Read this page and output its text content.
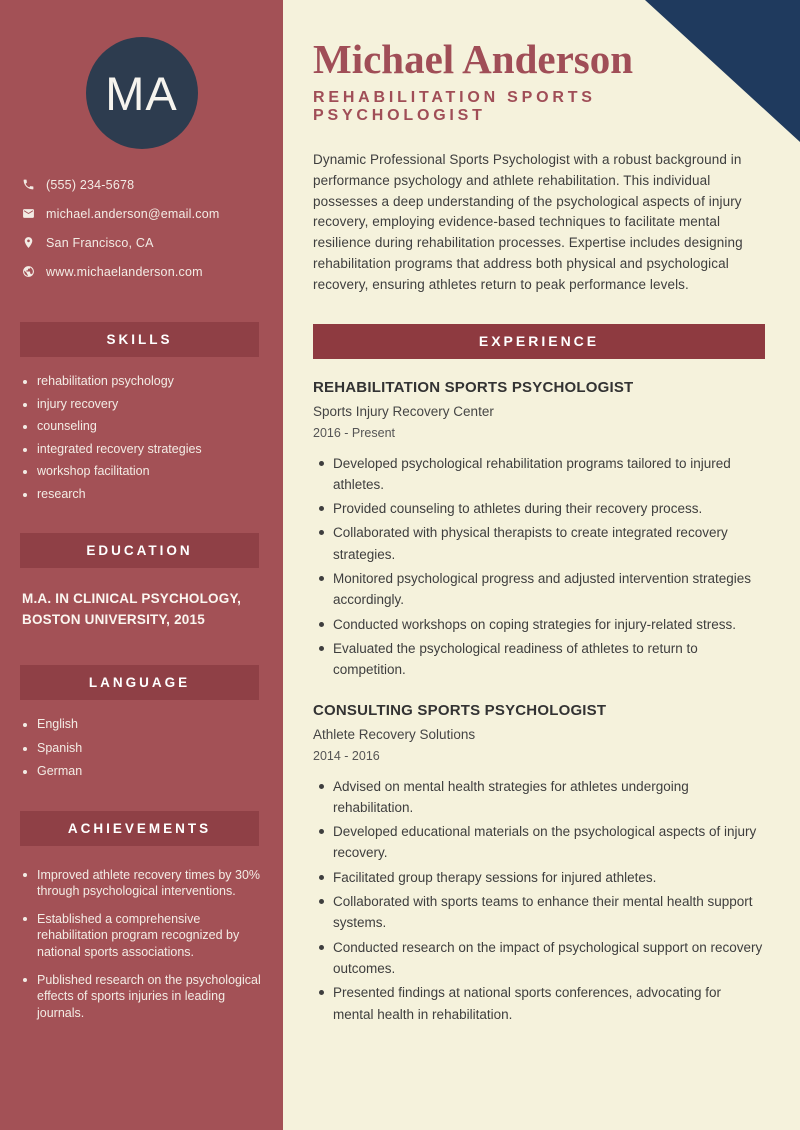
MA
(555) 234-5678
michael.anderson@email.com
San Francisco, CA
www.michaelanderson.com
SKILLS
rehabilitation psychology
injury recovery
counseling
integrated recovery strategies
workshop facilitation
research
EDUCATION
M.A. IN CLINICAL PSYCHOLOGY, BOSTON UNIVERSITY, 2015
LANGUAGE
English
Spanish
German
ACHIEVEMENTS
Improved athlete recovery times by 30% through psychological interventions.
Established a comprehensive rehabilitation program recognized by national sports associations.
Published research on the psychological effects of sports injuries in leading journals.
Michael Anderson
REHABILITATION SPORTS PSYCHOLOGIST

Dynamic Professional Sports Psychologist with a robust background in performance psychology and athlete rehabilitation. This individual possesses a deep understanding of the psychological aspects of injury recovery, employing evidence-based techniques to facilitate mental resilience during rehabilitation processes. Expertise includes designing rehabilitation programs that address both physical and psychological recovery, ensuring athletes return to peak performance levels.

EXPERIENCE
REHABILITATION SPORTS PSYCHOLOGIST
Sports Injury Recovery Center
2016 - Present
Developed psychological rehabilitation programs tailored to injured athletes.
Provided counseling to athletes during their recovery process.
Collaborated with physical therapists to create integrated recovery strategies.
Monitored psychological progress and adjusted intervention strategies accordingly.
Conducted workshops on coping strategies for injury-related stress.
Evaluated the psychological readiness of athletes to return to competition.
CONSULTING SPORTS PSYCHOLOGIST
Athlete Recovery Solutions
2014 - 2016
Advised on mental health strategies for athletes undergoing rehabilitation.
Developed educational materials on the psychological aspects of injury recovery.
Facilitated group therapy sessions for injured athletes.
Collaborated with sports teams to enhance their mental health support systems.
Conducted research on the impact of psychological support on recovery outcomes.
Presented findings at national sports conferences, advocating for mental health in rehabilitation.
